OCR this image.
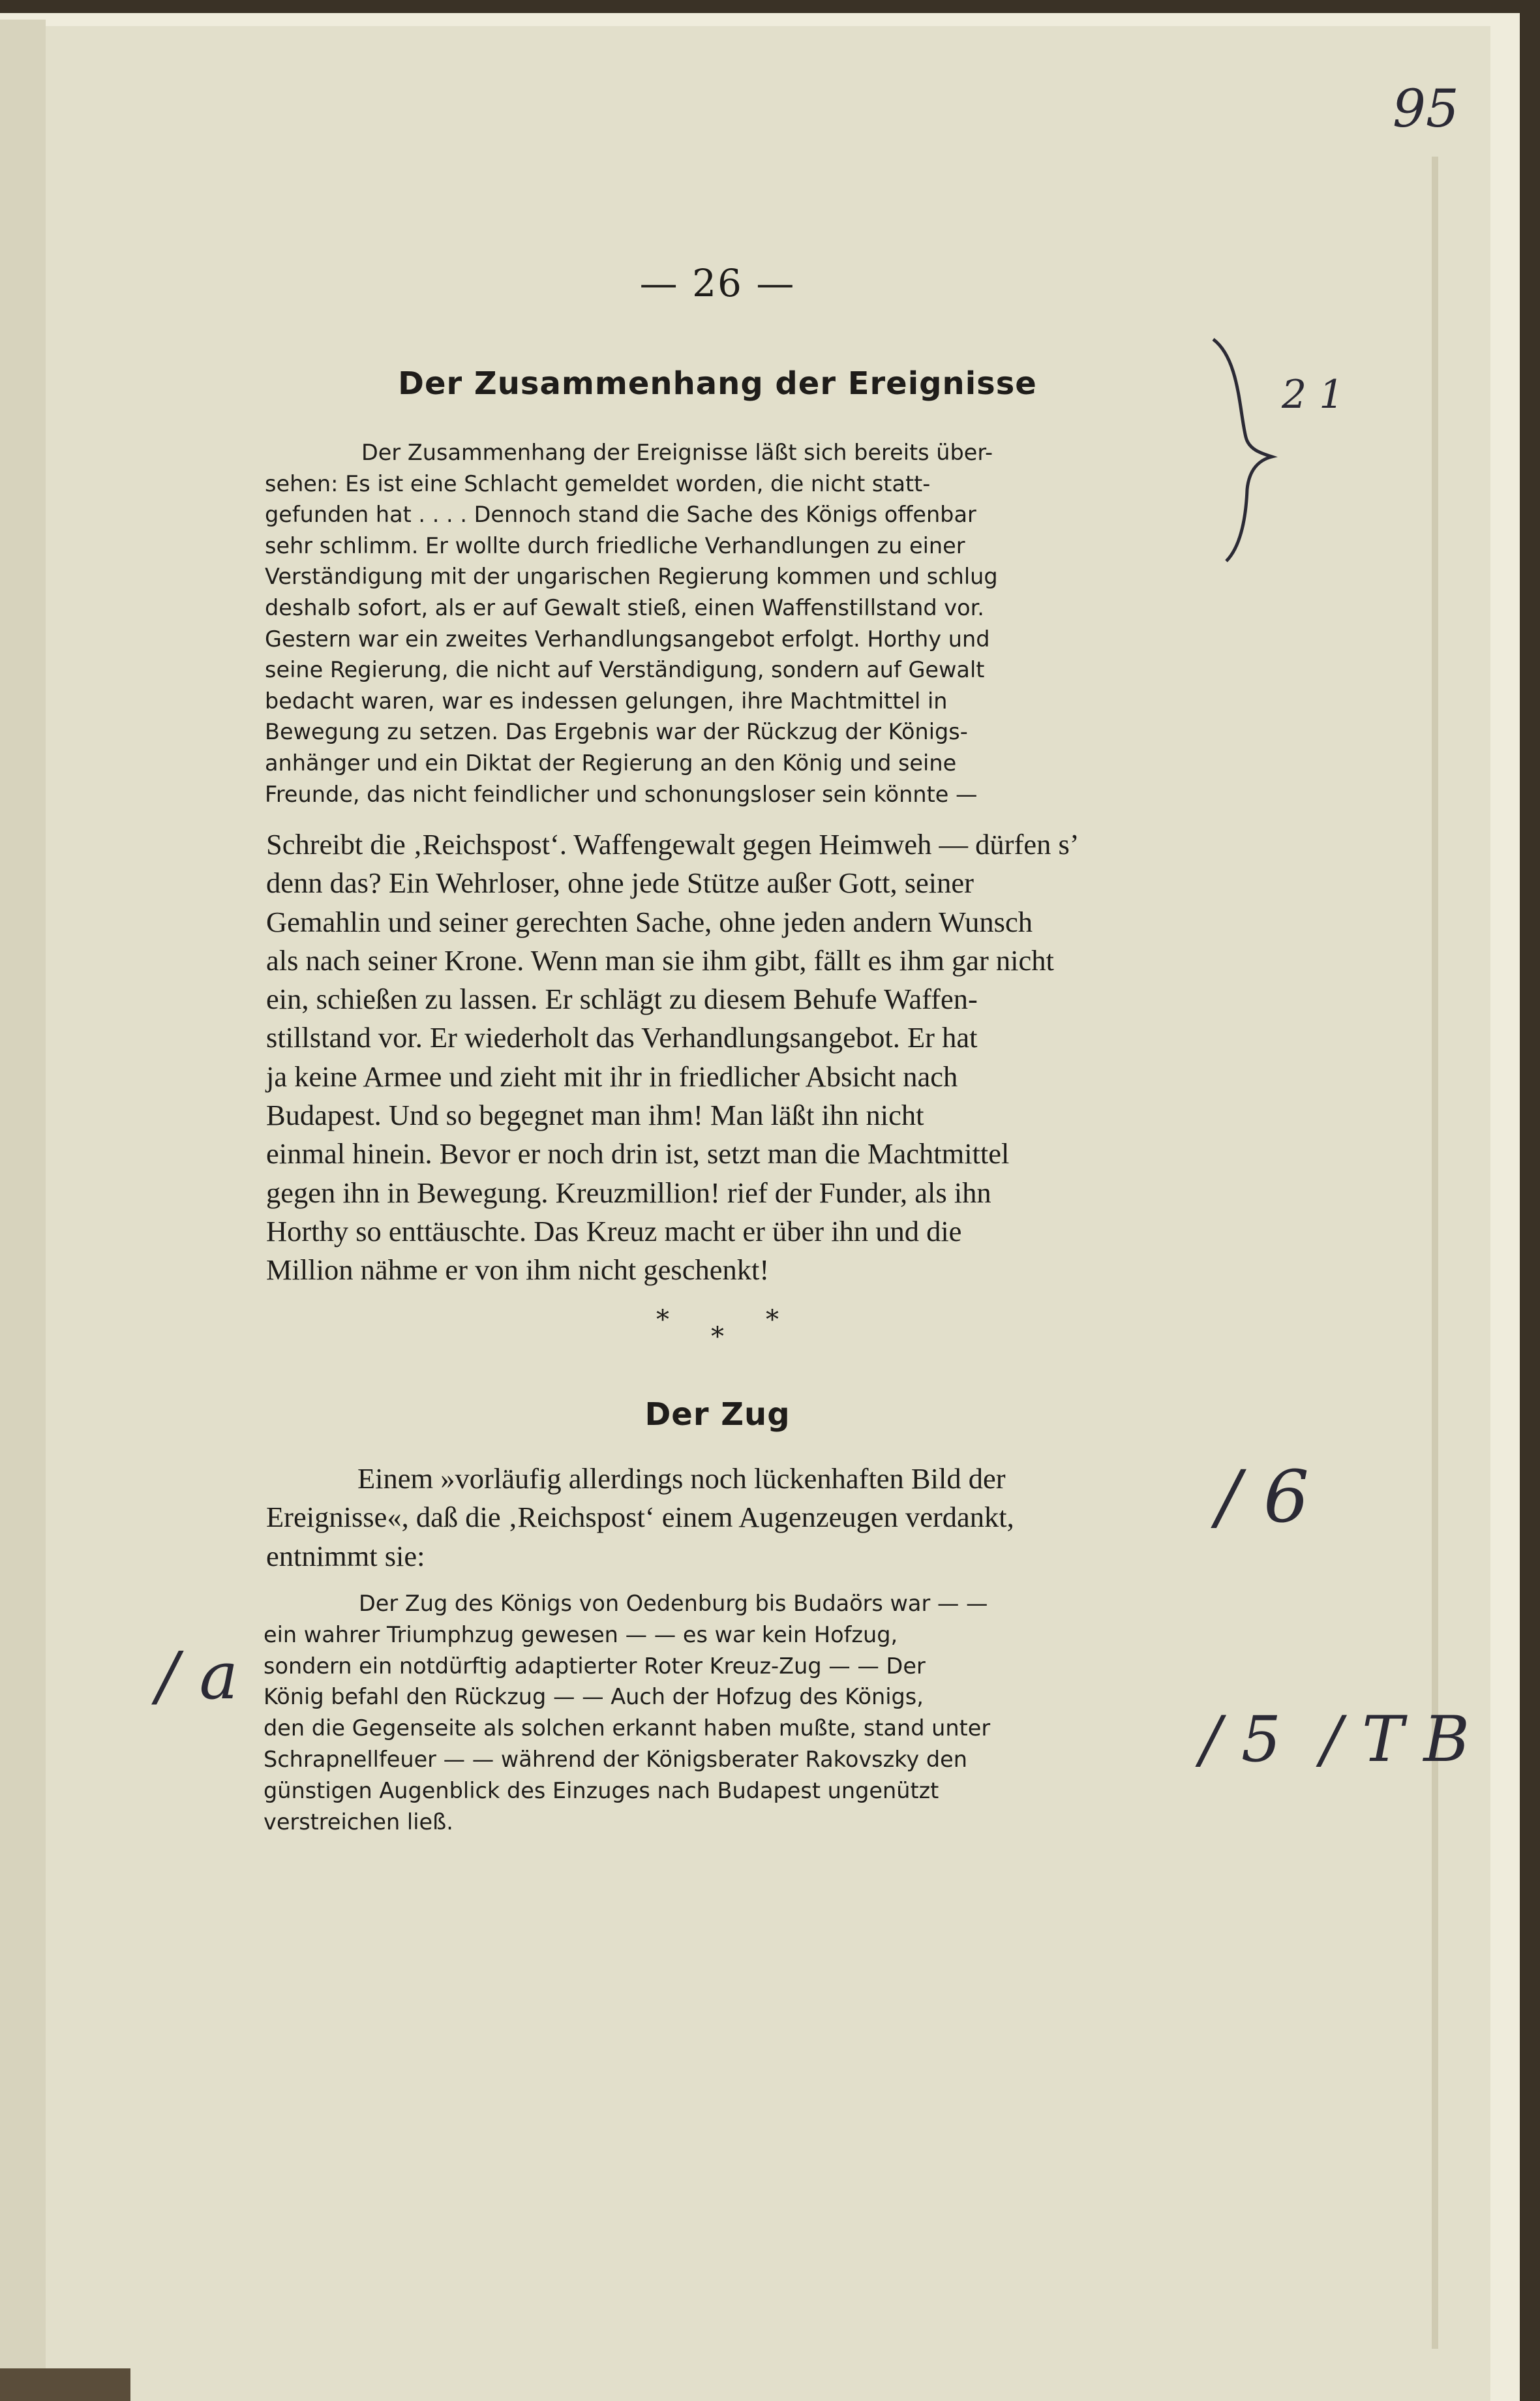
— 26 —
95
Der Zusammenhang der Ereignisse
Der Zusammenhang der Ereignisse läßt sich bereits über-
sehen: Es ist eine Schlacht gemeldet worden, die nicht statt-
gefunden hat . . . . Dennoch stand die Sache des Königs offenbar
sehr schlimm. Er wollte durch friedliche Verhandlungen zu einer
Verständigung mit der ungarischen Regierung kommen und schlug
deshalb sofort, als er auf Gewalt stieß, einen Waffenstillstand vor.
Gestern war ein zweites Verhandlungsangebot erfolgt. Horthy und
seine Regierung, die nicht auf Verständigung, sondern auf Gewalt
bedacht waren, war es indessen gelungen, ihre Machtmittel in
Bewegung zu setzen. Das Ergebnis war der Rückzug der Königs-
anhänger und ein Diktat der Regierung an den König und seine
Freunde, das nicht feindlicher und schonungsloser sein könnte —
2 1
Schreibt die ‚Reichspost‘. Waffengewalt gegen Heimweh — dürfen s’
denn das? Ein Wehrloser, ohne jede Stütze außer Gott, seiner
Gemahlin und seiner gerechten Sache, ohne jeden andern Wunsch
als nach seiner Krone. Wenn man sie ihm gibt, fällt es ihm gar nicht
ein, schießen zu lassen. Er schlägt zu diesem Behufe Waffen-
stillstand vor. Er wiederholt das Verhandlungsangebot. Er hat
ja keine Armee und zieht mit ihr in friedlicher Absicht nach
Budapest. Und so begegnet man ihm! Man läßt ihn nicht
einmal hinein. Bevor er noch drin ist, setzt man die Machtmittel
gegen ihn in Bewegung. Kreuzmillion! rief der Funder, als ihn
Horthy so enttäuschte. Das Kreuz macht er über ihn und die
Million nähme er von ihm nicht geschenkt!
*
*
*
Der Zug
Einem »vorläufig allerdings noch lückenhaften Bild der
Ereignisse«, daß die ‚Reichspost‘ einem Augenzeugen verdankt,
entnimmt sie:
Der Zug des Königs von Oedenburg bis Budaörs war — —
ein wahrer Triumphzug gewesen — — es war kein Hofzug,
sondern ein notdürftig adaptierter Roter Kreuz-Zug — — Der
König befahl den Rückzug — — Auch der Hofzug des Königs,
den die Gegenseite als solchen erkannt haben mußte, stand unter
Schrapnellfeuer — — während der Königsberater Rakovszky den
günstigen Augenblick des Einzuges nach Budapest ungenützt
verstreichen ließ.
/ 6
/ a
/ 5  / T B
